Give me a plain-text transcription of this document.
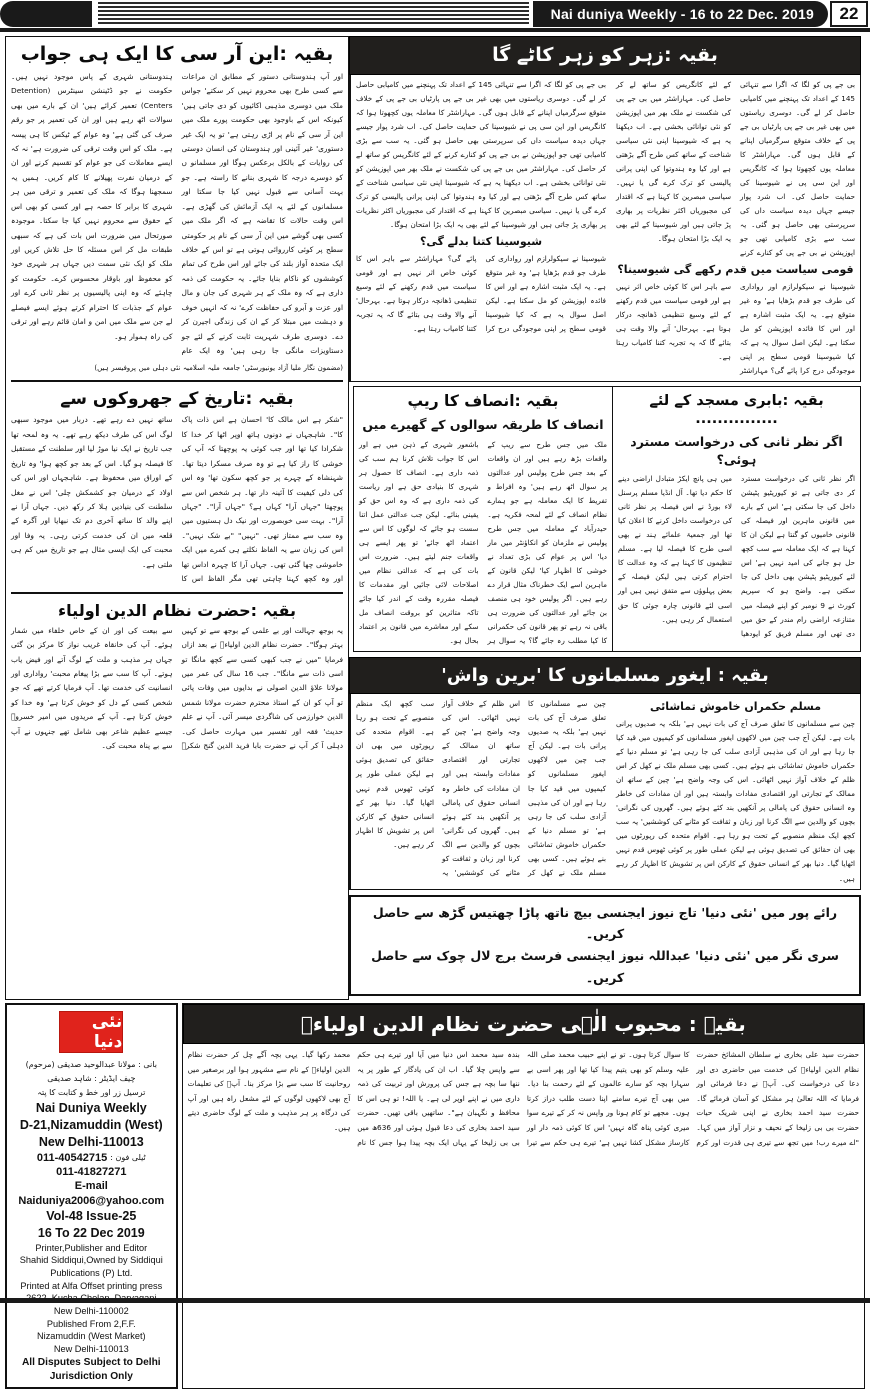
22
Nai duniya Weekly - 16 to 22 Dec. 2019
بقیہ :این آر سی کا ایک ہی جواب
اور آپ ہندوستانی دستور کے مطابق ان مراعات سے کسی طرح بھی محروم نہیں کر سکتے' جواس ملک میں دوسری مذہبی اکائیوں کو دی جاتی ہیں' کیونکہ اس کے باوجود بھی حکومت پورے ملک میں این آر سی کے نام پر اڑی رہتی ہے' تو یہ ایک غیر دستوری' غیر آئینی اور ہندوستان کی انسان دوستی کی روایات کے بالکل برعکس ہوگا اور مسلمانو ں کو دوسرے درجہ کا شہری بنانے کا راستہ ہے۔ جو بہت آسانی سے قبول نہیں کیا جا سکتا اور مسلمانوں کے لئے یہ ایک آزمائش کی گھڑی ہے۔ اس وقت حالات کا تقاضہ ہے کہ اگر ملک میں کسی بھی گوشے میں این آر سی کے نام پر حکومتی سطح پر کوئی کارروائی ہوتی ہے تو اس کے خلاف ایک متحدہ آواز بلند کی جائے اور اس طرح کی تمام کوششوں کو ناکام بنایا جائے۔ یہ حکومت کی ذمہ داری ہے کہ وہ ملک کے ہر شہری کی جان و مال اور عزت و آبرو کی حفاظت کرے' نہ کہ انہیں خوف و دہشت میں مبتلا کر کے ان کی زندگی اجیرن کر دے۔ دوسری طرف شہریت ثابت کرنے کے لئے جو دستاویزات مانگی جا رہی ہیں' وہ ایک عام ہندوستانی شہری کے پاس موجود نہیں ہیں۔ حکومت نے جو ڈٹینشن سینٹرس (Detention Centers) تعمیر کرائے ہیں' ان کے بارے میں بھی سوالات اٹھ رہے ہیں اور ان کی تعمیر پر جو رقم صرف کی گئی ہے' وہ عوام کے ٹیکس کا ہی پیسہ ہے۔ ملک کو اس وقت ترقی کی ضرورت ہے' نہ کہ ایسے معاملات کی جو عوام کو تقسیم کرنے اور ان کے درمیان نفرت پھیلانے کا کام کریں۔ ہمیں یہ سمجھنا ہوگا کہ ملک کی تعمیر و ترقی میں ہر شہری کا برابر کا حصہ ہے اور کسی کو بھی اس کے حقوق سے محروم نہیں کیا جا سکتا۔ موجودہ صورتحال میں ضرورت اس بات کی ہے کہ سبھی طبقات مل کر اس مسئلہ کا حل تلاش کریں اور ملک کو ایک نئی سمت دیں جہاں ہر شہری خود کو محفوظ اور باوقار محسوس کرے۔ حکومت کو چاہئے کہ وہ اپنی پالیسیوں پر نظر ثانی کرے اور عوام کے جذبات کا احترام کرتے ہوئے ایسے فیصلے لے جن سے ملک میں امن و امان قائم رہے اور ترقی کی راہ ہموار ہو۔
(مضمون نگار ملیا آزاد یونیورسٹی' جامعہ ملیہ اسلامیہ نئی دہلی میں پروفیسر ہیں)
بقیہ :تاریخ کے جھروکوں سے
"شکر ہے اس مالک کا' احسان ہے اس ذات پاک کا"۔ شاہجہاں نے دونوں ہاتھ اوپر اٹھا کر خدا کا شکرادا کیا تھا اور جب کوئی یہ پوچھتا کہ آپ کی خوشی کا راز کیا ہے تو وہ صرف مسکرا دیتا تھا۔ شہنشاہ کے چہرے پر جو کچھ سکون تھا' وہ اس کی دلی کیفیت کا آئینہ دار تھا۔ ہر شخص اس سے پوچھتا "جہاں آرا" کہاں ہے؟ "جہاں آرا"۔ "جہاں آرا"۔ بہت سی خوبصورت اور نیک دل ہستیوں میں وہ سب سے ممتاز تھی۔ "نہیں" "بے شک نہیں"۔ اس کی زبان سے یہ الفاظ نکلتے ہی کمرے میں ایک خاموشی چھا گئی تھی۔ جہاں آرا کا چہرہ اداس تھا اور وہ کچھ کہنا چاہتی تھی مگر الفاظ اس کا ساتھ نہیں دے رہے تھے۔ دربار میں موجود سبھی لوگ اس کی طرف دیکھ رہے تھے۔ یہ وہ لمحہ تھا جب تاریخ نے ایک نیا موڑ لیا اور سلطنت کے مستقبل کا فیصلہ ہو گیا۔ اس کے بعد جو کچھ ہوا' وہ تاریخ کے اوراق میں محفوظ ہے۔ شاہجہاں اور اس کی اولاد کے درمیان جو کشمکش چلی' اس نے مغل سلطنت کی بنیادیں ہلا کر رکھ دیں۔ جہاں آرا نے اپنے والد کا ساتھ آخری دم تک نبھایا اور آگرہ کے قلعہ میں ان کی خدمت کرتی رہی۔ یہ وفا اور محبت کی ایک ایسی مثال ہے جو تاریخ میں کم ہی ملتی ہے۔
بقیہ :حضرت نظام الدین اولیاء
یہ بوجھ جہالت اور بے علمی کے بوجھ سے تو کہیں بہتر ہوگا"۔ حضرت نظام الدین اولیاءؒ نے بعد ازاں فرمایا "میں نے جب کبھی کسی سے کچھ مانگا تو اسی ذات سے مانگا"۔ جب 16 سال کی عمر میں مولانا علاؤ الدین اصولی نے بدایوں میں وفات پائی تو آپ کو ان کے استاذ محترم حضرت مولانا شمس الدین خوارزمی کی شاگردی میسر آئی۔ آپ نے علم حدیث' فقہ اور تفسیر میں مہارت حاصل کی۔ دہلی آ کر آپ نے حضرت بابا فرید الدین گنج شکرؒ سے بیعت کی اور ان کے خاص خلفاء میں شمار ہوئے۔ آپ کی خانقاہ غریب نواز کا مرکز بن گئی جہاں ہر مذہب و ملت کے لوگ آتے اور فیض یاب ہوتے۔ آپ کا سب سے بڑا پیغام محبت' رواداری اور انسانیت کی خدمت تھا۔ آپ فرمایا کرتے تھے کہ جو شخص کسی کے دل کو خوش کرتا ہے' وہ خدا کو خوش کرتا ہے۔ آپ کے مریدوں میں امیر خسروؒ جیسے عظیم شاعر بھی شامل تھے جنہوں نے آپ سے بے پناہ محبت کی۔
بقیہ :زہر کو زہر کاٹے گا
بی جے پی کو لگا کہ اگرا سے تنہائی 145 کے اعداد تک پہنچنے میں کامیابی حاصل کر لے گی۔ دوسری ریاستوں میں بھی غیر بی جے پی پارٹیاں بی جے پی کے خلاف متوقع سرگرمیاں اپنانے کے قابل ہوں گی۔ مہاراشٹر کا معاملہ یوں کچھوتا ہوا کہ کانگریس اور این سی پی نے شیوسینا کی حمایت حاصل کی۔ اب شرد پوار جیسے جہاں دیدہ سیاست داں کی سرپرستی بھی حاصل ہو گئی۔ یہ سب سے بڑی کامیابی تھی جو اپوزیشن نے بی جے پی کو کنارے کرنے کے لئے کانگریس کو ساتھ لے کر حاصل کی۔ مہاراشٹر میں بی جے پی کی شکست نے ملک بھر میں اپوزیشن کو نئی توانائی بخشی ہے۔ اب دیکھنا یہ ہے کہ شیوسینا اپنی نئی سیاسی شناخت کے ساتھ کس طرح آگے بڑھتی ہے اور کیا وہ ہندوتوا کی اپنی پرانی پالیسی کو ترک کرے گی یا نہیں۔ سیاسی مبصرین کا کہنا ہے کہ اقتدار کی مجبوریاں اکثر نظریات پر بھاری پڑ جاتی ہیں اور شیوسینا کے لئے بھی یہ ایک بڑا امتحان ہوگا۔
قومی سیاست میں قدم رکھے گی شیوسینا؟
شیوسینا نے سیکولرازم اور رواداری کی طرف جو قدم بڑھایا ہے' وہ غیر متوقع ہے۔ یہ ایک مثبت اشارہ ہے اور اس کا فائدہ اپوزیشن کو مل سکتا ہے۔ لیکن اصل سوال یہ ہے کہ کیا شیوسینا قومی سطح پر اپنی موجودگی درج کرا پائے گی؟ مہاراشٹر سے باہر اس کا کوئی خاص اثر نہیں ہے اور قومی سیاست میں قدم رکھنے کے لئے وسیع تنظیمی ڈھانچہ درکار ہوتا ہے۔ بہرحال' آنے والا وقت ہی بتائے گا کہ یہ تجربہ کتنا کامیاب رہتا ہے۔
بی جے پی کو لگا کہ اگرا سے تنہائی 145 کے اعداد تک پہنچنے میں کامیابی حاصل کر لے گی۔ دوسری ریاستوں میں بھی غیر بی جے پی پارٹیاں بی جے پی کے خلاف متوقع سرگرمیاں اپنانے کے قابل ہوں گی۔ مہاراشٹر کا معاملہ یوں کچھوتا ہوا کہ کانگریس اور این سی پی نے شیوسینا کی حمایت حاصل کی۔ اب شرد پوار جیسے جہاں دیدہ سیاست داں کی سرپرستی بھی حاصل ہو گئی۔ یہ سب سے بڑی کامیابی تھی جو اپوزیشن نے بی جے پی کو کنارے کرنے کے لئے کانگریس کو ساتھ لے کر حاصل کی۔ مہاراشٹر میں بی جے پی کی شکست نے ملک بھر میں اپوزیشن کو نئی توانائی بخشی ہے۔ اب دیکھنا یہ ہے کہ شیوسینا اپنی نئی سیاسی شناخت کے ساتھ کس طرح آگے بڑھتی ہے اور کیا وہ ہندوتوا کی اپنی پرانی پالیسی کو ترک کرے گی یا نہیں۔ سیاسی مبصرین کا کہنا ہے کہ اقتدار کی مجبوریاں اکثر نظریات پر بھاری پڑ جاتی ہیں اور شیوسینا کے لئے بھی یہ ایک بڑا امتحان ہوگا۔
شیوسینا کتنا بدلے گی؟
شیوسینا نے سیکولرازم اور رواداری کی طرف جو قدم بڑھایا ہے' وہ غیر متوقع ہے۔ یہ ایک مثبت اشارہ ہے اور اس کا فائدہ اپوزیشن کو مل سکتا ہے۔ لیکن اصل سوال یہ ہے کہ کیا شیوسینا قومی سطح پر اپنی موجودگی درج کرا پائے گی؟ مہاراشٹر سے باہر اس کا کوئی خاص اثر نہیں ہے اور قومی سیاست میں قدم رکھنے کے لئے وسیع تنظیمی ڈھانچہ درکار ہوتا ہے۔ بہرحال' آنے والا وقت ہی بتائے گا کہ یہ تجربہ کتنا کامیاب رہتا ہے۔
بقیہ :بابری مسجد کے لئے ...............
اگر نظر ثانی کی درخواست مسترد ہوئی؟
اگر نظر ثانی کی درخواست مسترد کر دی جاتی ہے تو کیوریٹیو پٹیشن داخل کی جا سکتی ہے' اس کے بارے میں قانونی ماہرین اور فیصلہ کی قانونی خامیوں کو گنتا ہے لیکن ان کا کہنا ہے کہ ایک معاملہ سے سب کچھ حل ہو جانے کی امید نہیں ہے' اس لئے کیوریٹیو پٹیشن بھی داخل کی جا سکتی ہے۔ واضح ہو کہ سپریم کورٹ نے 9 نومبر کو اپنے فیصلہ میں متنازعہ اراضی رام مندر کے حق میں دی تھی اور مسلم فریق کو ایودھیا میں ہی پانچ ایکڑ متبادل اراضی دینے کا حکم دیا تھا۔ آل انڈیا مسلم پرسنل لاء بورڈ نے اس فیصلہ پر نظر ثانی کی درخواست داخل کرنے کا اعلان کیا تھا اور جمعیۃ علمائے ہند نے بھی اسی طرح کا فیصلہ لیا ہے۔ مسلم تنظیموں کا کہنا ہے کہ وہ عدالت کا احترام کرتی ہیں لیکن فیصلہ کے بعض پہلوؤں سے متفق نہیں ہیں اور اسی لئے قانونی چارہ جوئی کا حق استعمال کر رہی ہیں۔
بقیہ :انصاف کا ریپ
انصاف کا طریقہ سوالوں کے گھیرے میں
ملک میں جس طرح سے ریپ کے واقعات بڑھ رہے ہیں اور ان واقعات کے بعد جس طرح پولیس اور عدالتوں پر سوال اٹھ رہے ہیں' وہ افراط و تفریط کا ایک معاملہ ہے جو ہمارے نظام انصاف کے لئے لمحہ فکریہ ہے۔ حیدرآباد کے معاملہ میں جس طرح پولیس نے ملزمان کو انکاؤنٹر میں مار دیا' اس پر عوام کی بڑی تعداد نے خوشی کا اظہار کیا' لیکن قانون کے ماہرین اسے ایک خطرناک مثال قرار دے رہے ہیں۔ اگر پولیس خود ہی منصف بن جائے اور عدالتوں کی ضرورت ہی باقی نہ رہے تو پھر قانون کی حکمرانی کا کیا مطلب رہ جائے گا؟ یہ سوال ہر باشعور شہری کے ذہن میں ہے اور اس کا جواب تلاش کرنا ہم سب کی ذمہ داری ہے۔ انصاف کا حصول ہر شہری کا بنیادی حق ہے اور ریاست کی ذمہ داری ہے کہ وہ اس حق کو یقینی بنائے۔ لیکن جب عدالتی عمل اتنا سست ہو جائے کہ لوگوں کا اس سے اعتماد اٹھ جائے' تو پھر ایسے ہی واقعات جنم لیتے ہیں۔ ضرورت اس بات کی ہے کہ عدالتی نظام میں اصلاحات لائی جائیں اور مقدمات کا فیصلہ مقررہ وقت کے اندر کیا جائے تاکہ متاثرین کو بروقت انصاف مل سکے اور معاشرے میں قانون پر اعتماد بحال ہو۔
بقیہ : ایغور مسلمانوں کا 'برین واش'
مسلم حکمراں خاموش تماشائی
چین سے مسلمانوں کا تعلق صرف آج کی بات نہیں ہے' بلکہ یہ صدیوں پرانی بات ہے۔ لیکن آج جب چین میں لاکھوں ایغور مسلمانوں کو کیمپوں میں قید کیا جا رہا ہے اور ان کی مذہبی آزادی سلب کی جا رہی ہے' تو مسلم دنیا کے حکمراں خاموش تماشائی بنے ہوئے ہیں۔ کسی بھی مسلم ملک نے کھل کر اس ظلم کے خلاف آواز نہیں اٹھائی۔ اس کی وجہ واضح ہے' چین کے ساتھ ان ممالک کے تجارتی اور اقتصادی مفادات وابستہ ہیں اور ان مفادات کی خاطر وہ انسانی حقوق کی پامالی پر آنکھیں بند کئے ہوئے ہیں۔ گھروں کی نگرانی' بچوں کو والدین سے الگ کرنا اور زبان و ثقافت کو مٹانے کی کوششیں' یہ سب کچھ ایک منظم منصوبے کے تحت ہو رہا ہے۔ اقوام متحدہ کی رپورٹوں میں بھی ان حقائق کی تصدیق ہوئی ہے لیکن عملی طور پر کوئی ٹھوس قدم نہیں اٹھایا گیا۔ دنیا بھر کے انسانی حقوق کے کارکن اس پر تشویش کا اظہار کر رہے ہیں۔
چین سے مسلمانوں کا تعلق صرف آج کی بات نہیں ہے' بلکہ یہ صدیوں پرانی بات ہے۔ لیکن آج جب چین میں لاکھوں ایغور مسلمانوں کو کیمپوں میں قید کیا جا رہا ہے اور ان کی مذہبی آزادی سلب کی جا رہی ہے' تو مسلم دنیا کے حکمراں خاموش تماشائی بنے ہوئے ہیں۔ کسی بھی مسلم ملک نے کھل کر اس ظلم کے خلاف آواز نہیں اٹھائی۔ اس کی وجہ واضح ہے' چین کے ساتھ ان ممالک کے تجارتی اور اقتصادی مفادات وابستہ ہیں اور ان مفادات کی خاطر وہ انسانی حقوق کی پامالی پر آنکھیں بند کئے ہوئے ہیں۔ گھروں کی نگرانی' بچوں کو والدین سے الگ کرنا اور زبان و ثقافت کو مٹانے کی کوششیں' یہ سب کچھ ایک منظم منصوبے کے تحت ہو رہا ہے۔ اقوام متحدہ کی رپورٹوں میں بھی ان حقائق کی تصدیق ہوئی ہے لیکن عملی طور پر کوئی ٹھوس قدم نہیں اٹھایا گیا۔ دنیا بھر کے انسانی حقوق کے کارکن اس پر تشویش کا اظہار کر رہے ہیں۔
رائے پور میں 'نئی دنیا' تاج نیوز ایجنسی بیچ ناتھ پاڑا چھتیس گڑھ سے حاصل کریں۔
سری نگر میں 'نئی دنیا' عبداللہ نیوز ایجنسی فرسٹ برج لال چوک سے حاصل کریں۔
نئی دنیا
بانی : مولانا عبدالوحید صدیقی (مرحوم)
چیف ایڈیٹر : شاہد صدیقی
ترسیل زر اور خط و کتابت کا پتہ
Nai Duniya Weekly
D-21,Nizamuddin (West)
New Delhi-110013
ٹیلی فون :
011-40542715
011-41827271
E-mail
Naiduniya2006@yahoo.com
Vol-48 Issue-25
16 To 22 Dec 2019
Printer,Publisher and Editor
Shahid Siddiqui,Owned by Siddiqui
Publications (P) Ltd.
Printed at Alfa Offset printing press
New Delhi-110002
Published From 2,F.F.
Nizamuddin (West Market)
New Delhi-110013
All Disputes Subject to Delhi
Jurisdiction Only
بقیہ : محبوب الٰہی حضرت نظام الدین اولیاءؒ
حضرت سید علی بخاری نے سلطان المشائخ حضرت نظام الدین اولیاءؒ کی خدمت میں حاضری دی اور دعا کی درخواست کی۔ آپؒ نے دعا فرمائی اور فرمایا کہ اللہ تعالیٰ ہر مشکل کو آسان فرمائے گا۔ حضرت سید احمد بخاری نے اپنی شریک حیات حضرت بی بی زلیخا کے نحیف و نزار آواز میں کہا۔ "اے میرے رب! میں تجھ سے تیری ہی قدرت اور کرم کا سوال کرتا ہوں۔ تو نے اپنے حبیب محمد صلی اللہ علیہ وسلم کو بھی یتیم پیدا کیا تھا اور پھر اسی بے سہارا بچہ کو سارے عالموں کے لئے رحمت بنا دیا۔ میں بھی آج تیرے سامنے اپنا دست طلب دراز کرتا ہوں۔ مجھے تو کام ہونا ور واپس نہ کر کے تیرے سوا میری کوئی پناہ گاہ نہیں' اس کا کوئی ذمہ دار اور کارساز مشکل کشا نہیں ہے' تیرے ہی حکم سے تیرا بندہ سید محمد اس دنیا میں آیا اور تیرے ہی حکم سے واپس چلا گیا۔ اب ان کی یادگار کے طور پر یہ ننھا سا بچہ ہے جس کی پرورش اور تربیت کی ذمہ داری میں نے اپنے اوپر لی ہے۔ یا اللہ! تو ہی اس کا محافظ و نگہبان ہے"۔ ساتھیں باقی تھیں۔ حضرت سید احمد بخاری کی دعا قبول ہوئی اور 636ھ میں بی بی زلیخا کے یہاں ایک بچہ پیدا ہوا جس کا نام محمد رکھا گیا۔ یہی بچہ آگے چل کر حضرت نظام الدین اولیاءؒ کے نام سے مشہور ہوا اور برصغیر میں روحانیت کا سب سے بڑا مرکز بنا۔ آپؒ کی تعلیمات آج بھی لاکھوں لوگوں کے لئے مشعل راہ ہیں اور آپ کی درگاہ پر ہر مذہب و ملت کے لوگ حاضری دیتے ہیں۔
